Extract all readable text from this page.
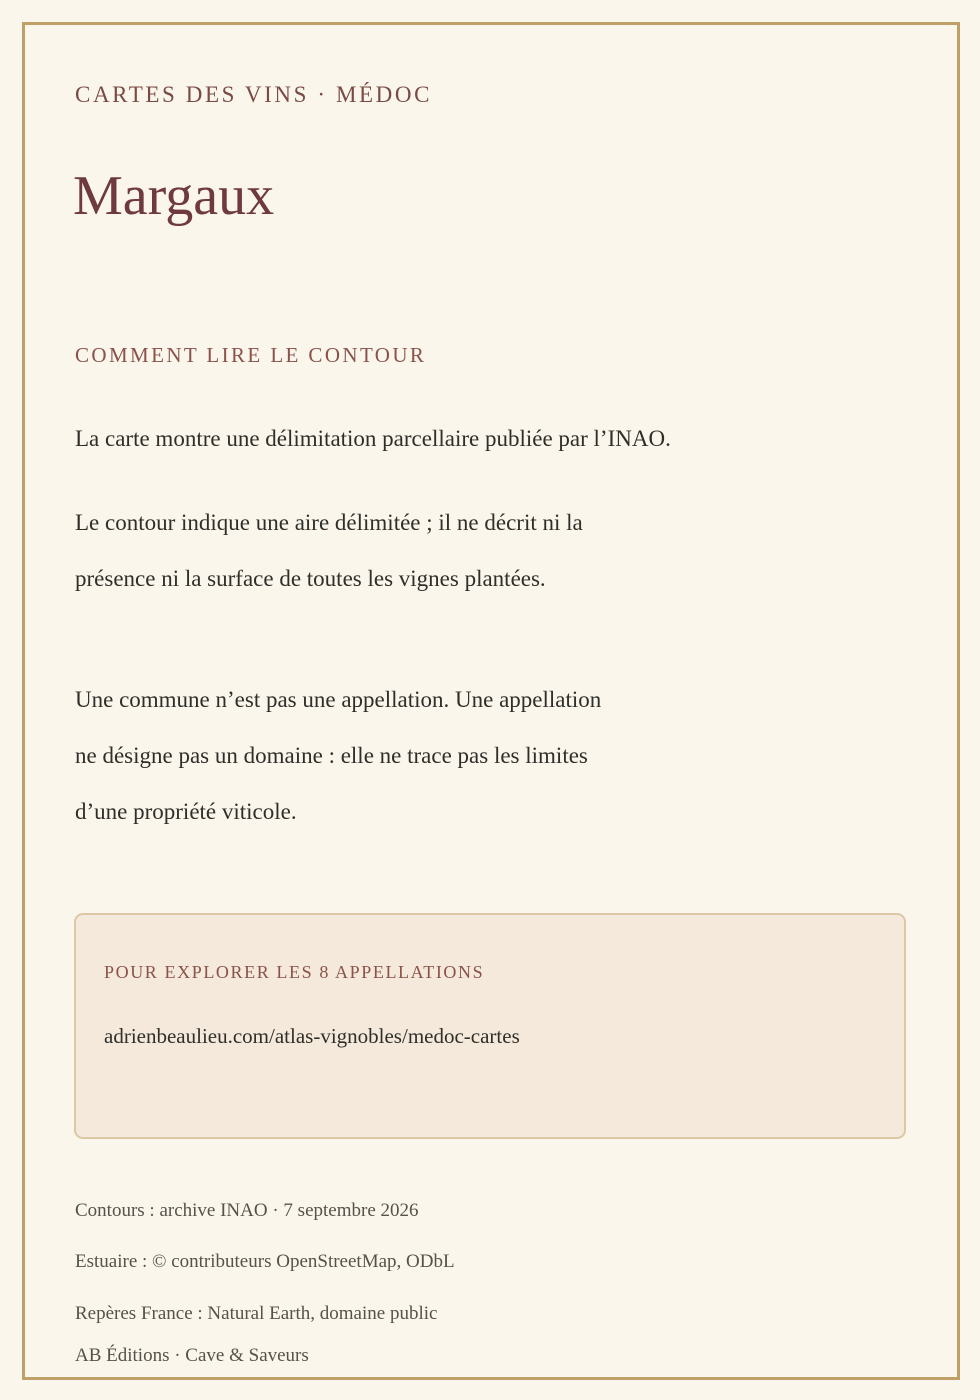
CARTES DES VINS · MÉDOC
Margaux
COMMENT LIRE LE CONTOUR
La carte montre une délimitation parcellaire publiée par l’INAO.
Le contour indique une aire délimitée ; il ne décrit ni la
présence ni la surface de toutes les vignes plantées.
Une commune n’est pas une appellation. Une appellation
ne désigne pas un domaine : elle ne trace pas les limites
d’une propriété viticole.
POUR EXPLORER LES 8 APPELLATIONS
adrienbeaulieu.com/atlas-vignobles/medoc-cartes
Contours : archive INAO · 7 septembre 2026
Estuaire : © contributeurs OpenStreetMap, ODbL
Repères France : Natural Earth, domaine public
AB Éditions · Cave & Saveurs
